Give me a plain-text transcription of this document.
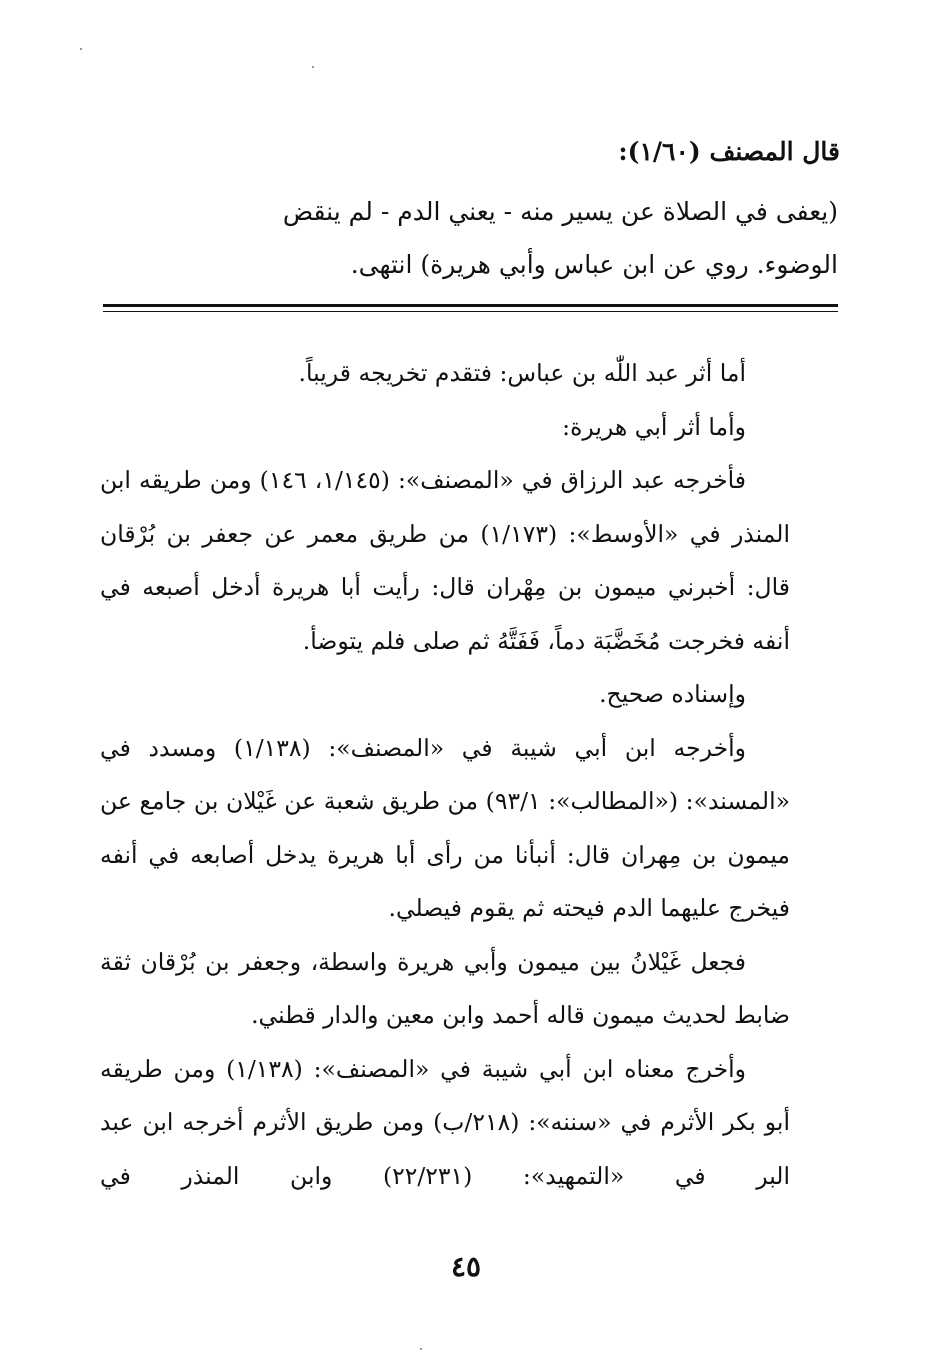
قال المصنف (١/٦٠):

(يعفى في الصلاة عن يسير منه - يعني الدم - لم ينقض

الوضوء. روي عن ابن عباس وأبي هريرة) انتهى.

أما أثر عبد اللّٰه بن عباس: فتقدم تخريجه قريباً.

وأما أثر أبي هريرة:

فأخرجه عبد الرزاق في «المصنف»: (١/١٤٥، ١٤٦) ومن طريقه ابن المنذر في «الأوسط»: (١/١٧٣) من طريق معمر عن جعفر بن بُرْقان قال: أخبرني ميمون بن مِهْران قال: رأيت أبا هريرة أدخل أصبعه في أنفه فخرجت مُخَضَّبَة دماً، فَفَتَّهُ ثم صلى فلم يتوضأ.

وإسناده صحيح.

وأخرجه ابن أبي شيبة في «المصنف»: (١/١٣٨) ومسدد في «المسند»: («المطالب»: ٩٣/١) من طريق شعبة عن غَيْلان بن جامع عن ميمون بن مِهران قال: أنبأنا من رأى أبا هريرة يدخل أصابعه في أنفه فيخرج عليهما الدم فيحته ثم يقوم فيصلي.

فجعل غَيْلانُ بين ميمون وأبي هريرة واسطة، وجعفر بن بُرْقان ثقة ضابط لحديث ميمون قاله أحمد وابن معين والدار قطني.

وأخرج معناه ابن أبي شيبة في «المصنف»: (١/١٣٨) ومن طريقه أبو بكر الأثرم في «سننه»: (٢١٨/ب) ومن طريق الأثرم أخرجه ابن عبد البر في «التمهيد»: (٢٢/٢٣١) وابن المنذر في

٤٥
